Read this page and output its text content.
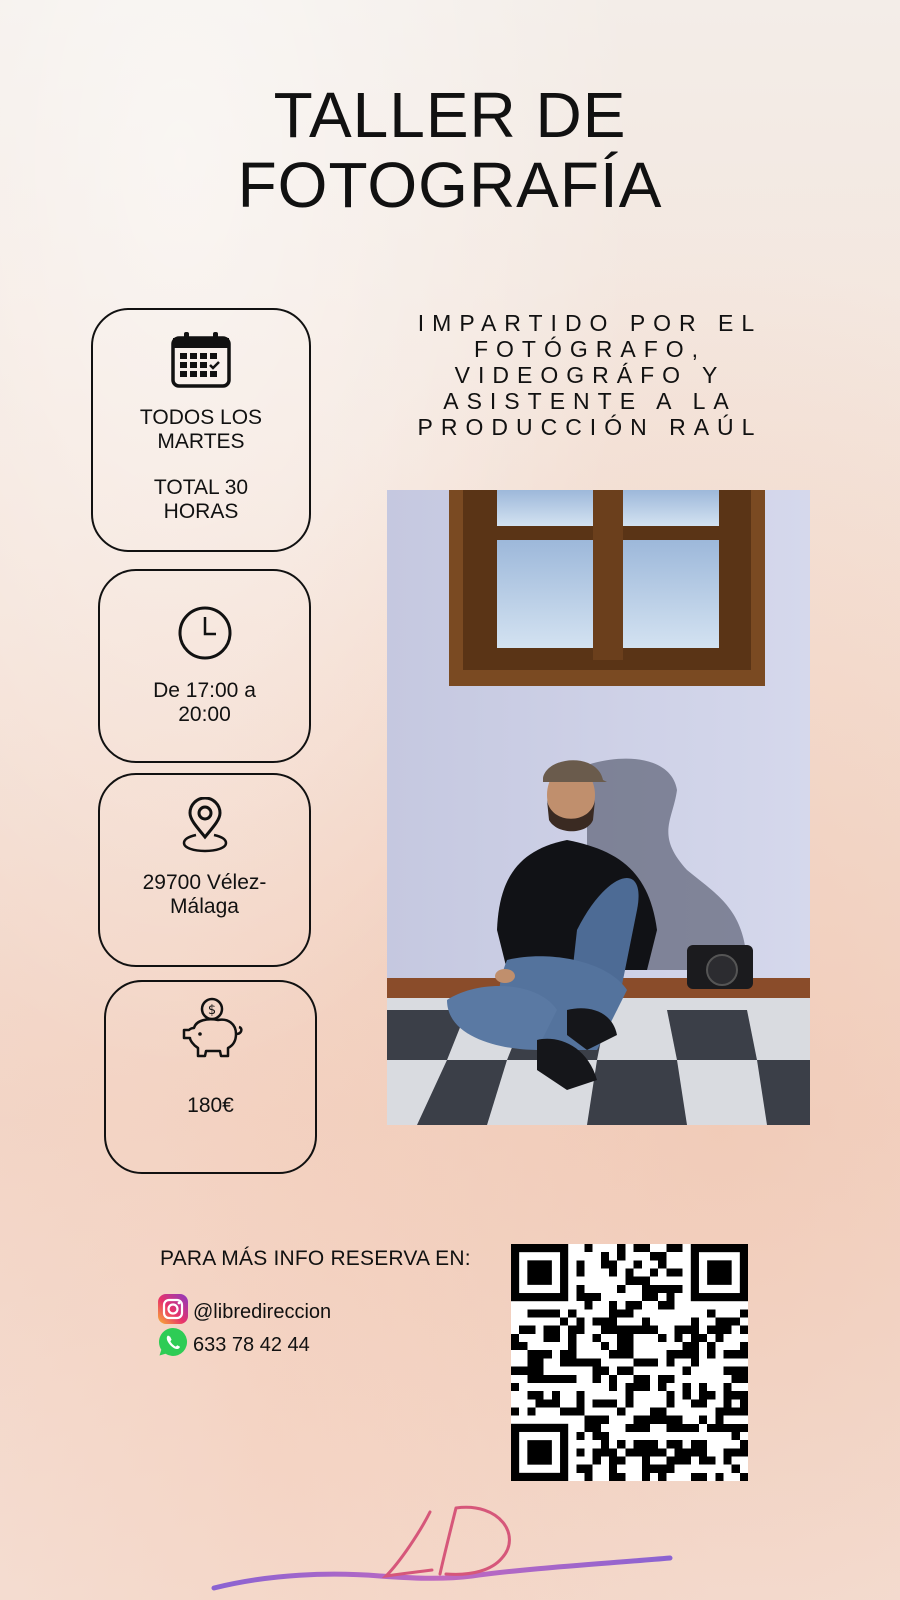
TALLER DE
FOTOGRAFÍA

TODOS LOS

MARTES

TOTAL 30

HORAS

De 17:00 a

20:00

29700 Vélez-

Málaga

$

180€

IMPARTIDO POR EL
FOTÓGRAFO,
VIDEOGRÁFO Y
ASISTENTE A LA
PRODUCCIÓN RAÚL
PARA MÁS INFO RESERVA EN:
@libredireccion
633 78 42 44
